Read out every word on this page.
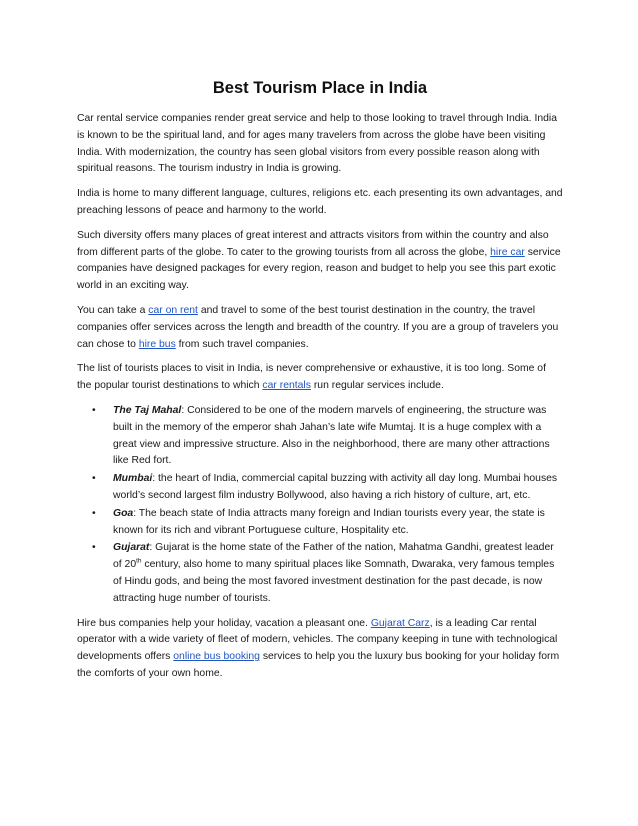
Best Tourism Place in India

Car rental service companies render great service and help to those looking to travel through India. India is known to be the spiritual land, and for ages many travelers from across the globe have been visiting India. With modernization, the country has seen global visitors from every possible reason along with spiritual reasons. The tourism industry in India is growing.

India is home to many different language, cultures, religions etc. each presenting its own advantages, and preaching lessons of peace and harmony to the world.

Such diversity offers many places of great interest and attracts visitors from within the country and also from different parts of the globe. To cater to the growing tourists from all across the globe, hire car service companies have designed packages for every region, reason and budget to help you see this part exotic world in an exciting way.

You can take a car on rent and travel to some of the best tourist destination in the country, the travel companies offer services across the length and breadth of the country. If you are a group of travelers you can chose to hire bus from such travel companies.

The list of tourists places to visit in India, is never comprehensive or exhaustive, it is too long. Some of the popular tourist destinations to which car rentals run regular services include.

• The Taj Mahal: Considered to be one of the modern marvels of engineering, the structure was built in the memory of the emperor shah Jahan’s late wife Mumtaj. It is a huge complex with a great view and impressive structure. Also in the neighborhood, there are many other attractions like Red fort.
• Mumbai: the heart of India, commercial capital buzzing with activity all day long. Mumbai houses world’s second largest film industry Bollywood, also having a rich history of culture, art, etc.
• Goa: The beach state of India attracts many foreign and Indian tourists every year, the state is known for its rich and vibrant Portuguese culture, Hospitality etc.
• Gujarat: Gujarat is the home state of the Father of the nation, Mahatma Gandhi, greatest leader of 20th century, also home to many spiritual places like Somnath, Dwaraka, very famous temples of Hindu gods, and being the most favored investment destination for the past decade, is now attracting huge number of tourists.

Hire bus companies help your holiday, vacation a pleasant one. Gujarat Carz, is a leading Car rental operator with a wide variety of fleet of modern, vehicles. The company keeping in tune with technological developments offers online bus booking services to help you the luxury bus booking for your holiday form the comforts of your own home.
